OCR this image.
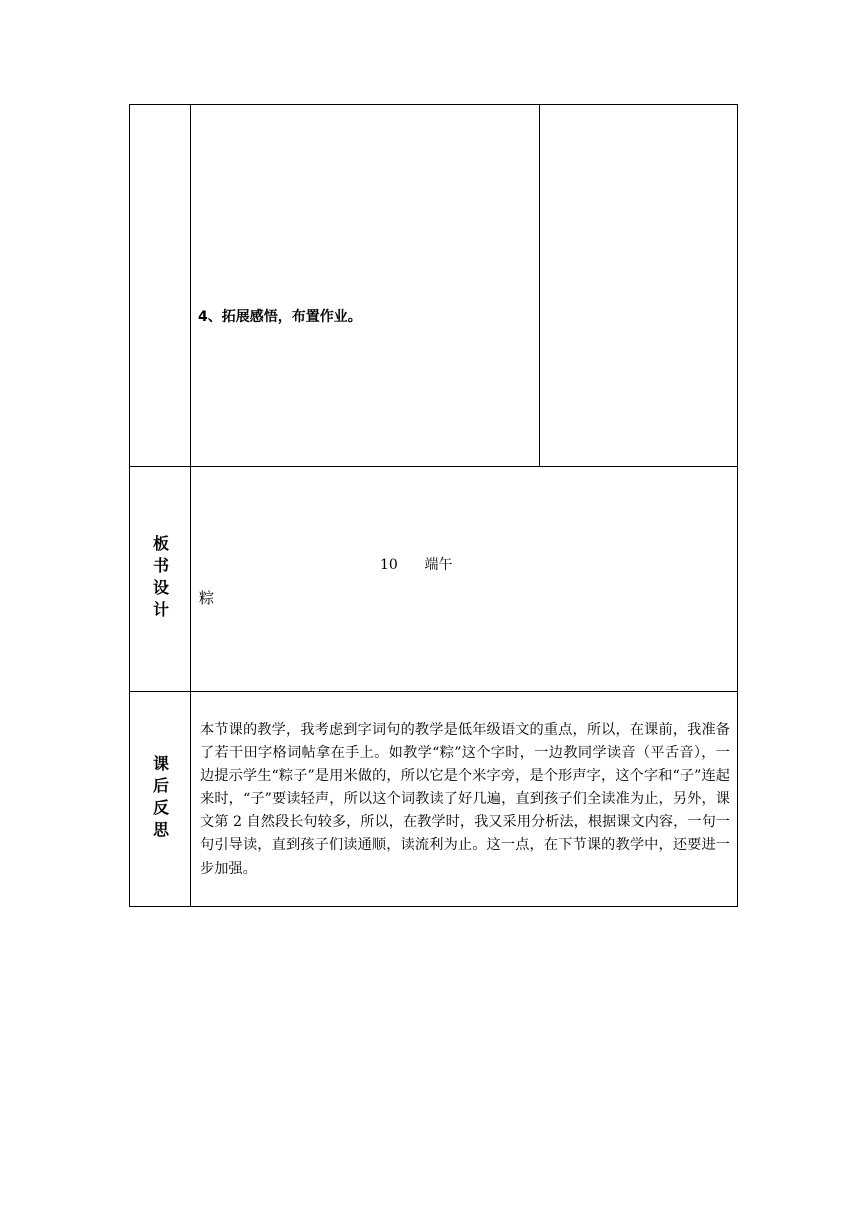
4、拓展感悟，布置作业。
板书设计	10 端午
粽
课后反思
本节课的教学，我考虑到字词句的教学是低年级语文的重点，所以，在课前，我准备了若干田字格词帖拿在手上。如教学“粽”这个字时，一边教同学读音（平舌音），一边提示学生“粽子”是用米做的，所以它是个米字旁，是个形声字，这个字和“子”连起来时，“子”要读轻声，所以这个词教读了好几遍，直到孩子们全读准为止，另外，课文第 2 自然段长句较多，所以，在教学时，我又采用分析法，根据课文内容，一句一句引导读，直到孩子们读通顺，读流利为止。这一点，在下节课的教学中，还要进一步加强。
